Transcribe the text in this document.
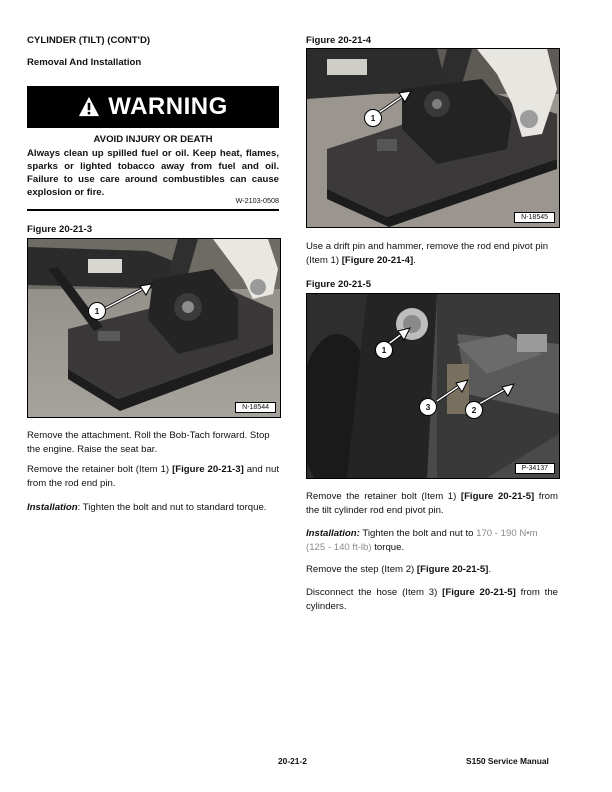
CYLINDER (TILT) (CONT'D)
Removal And Installation
WARNING
AVOID INJURY OR DEATH
Always clean up spilled fuel or oil. Keep heat, flames, sparks or lighted tobacco away from fuel and oil. Failure to use care around combustibles can cause explosion or fire.
W-2103-0508
Figure 20-21-3
1
N-18544
Remove the attachment. Roll the Bob-Tach forward. Stop the engine. Raise the seat bar.
Remove the retainer bolt (Item 1) [Figure 20-21-3] and nut from the rod end pin.
Installation: Tighten the bolt and nut to standard torque.
Figure 20-21-4
1
N-18545
Use a drift pin and hammer, remove the rod end pivot pin (Item 1) [Figure 20-21-4].
Figure 20-21-5
1
3	2
P-34137
Remove the retainer bolt (Item 1) [Figure 20-21-5] from the tilt cylinder rod end pivot pin.
Installation: Tighten the bolt and nut to 170 - 190 N•m (125 - 140 ft-lb) torque.
Remove the step (Item 2) [Figure 20-21-5].
Disconnect the hose (Item 3) [Figure 20-21-5] from the cylinders.
20-21-2	S150 Service Manual
